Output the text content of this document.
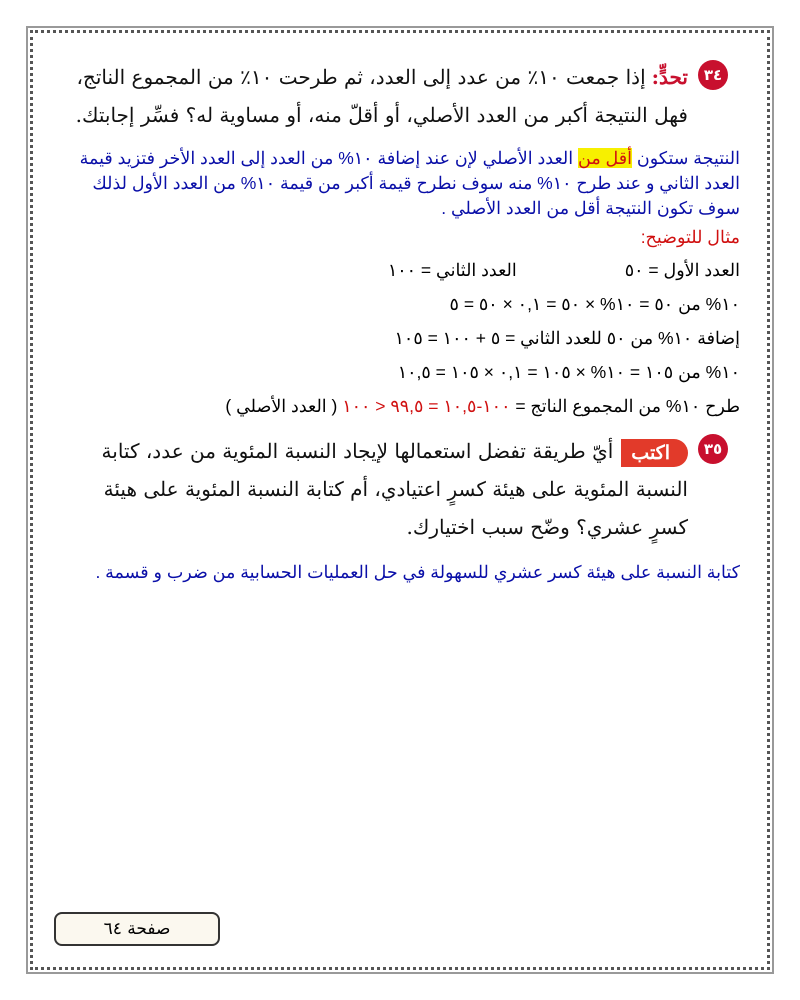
٣٤
تحدٍّ:إذا جمعت ١٠٪ من عدد إلى العدد، ثم طرحت ١٠٪ من المجموع الناتج، فهل النتيجة أكبر من العدد الأصلي، أو أقلّ منه، أو مساوية له؟ فسِّر إجابتك.
النتيجة ستكون أقل من العدد الأصلي لإن عند إضافة ١٠% من العدد إلى العدد الأخر فتزيد قيمة العدد الثاني و عند طرح ١٠% منه سوف نطرح قيمة أكبر من قيمة ١٠% من العدد الأول لذلك سوف تكون النتيجة أقل من العدد الأصلي .
مثال للتوضيح:
العدد الأول = ٥٠
العدد الثاني = ١٠٠
١٠% من ٥٠ = ١٠% × ٥٠ = ٠,١ × ٥٠ = ٥
إضافة ١٠% من ٥٠ للعدد الثاني = ٥ + ١٠٠ = ١٠٥
١٠% من ١٠٥ = ١٠% × ١٠٥ = ٠,١ × ١٠٥ = ١٠,٥
طرح ١٠% من المجموع الناتج = ١٠٠-١٠,٥ = ٩٩,٥ < ١٠٠ ( العدد الأصلي )
٣٥
اكتبأيّ طريقة تفضل استعمالها لإيجاد النسبة المئوية من عدد، كتابة النسبة المئوية على هيئة كسرٍ اعتيادي، أم كتابة النسبة المئوية على هيئة كسرٍ عشري؟ وضّح سبب اختيارك.
كتابة النسبة على هيئة كسر عشري للسهولة في حل العمليات الحسابية من ضرب و قسمة .
صفحة ٦٤
